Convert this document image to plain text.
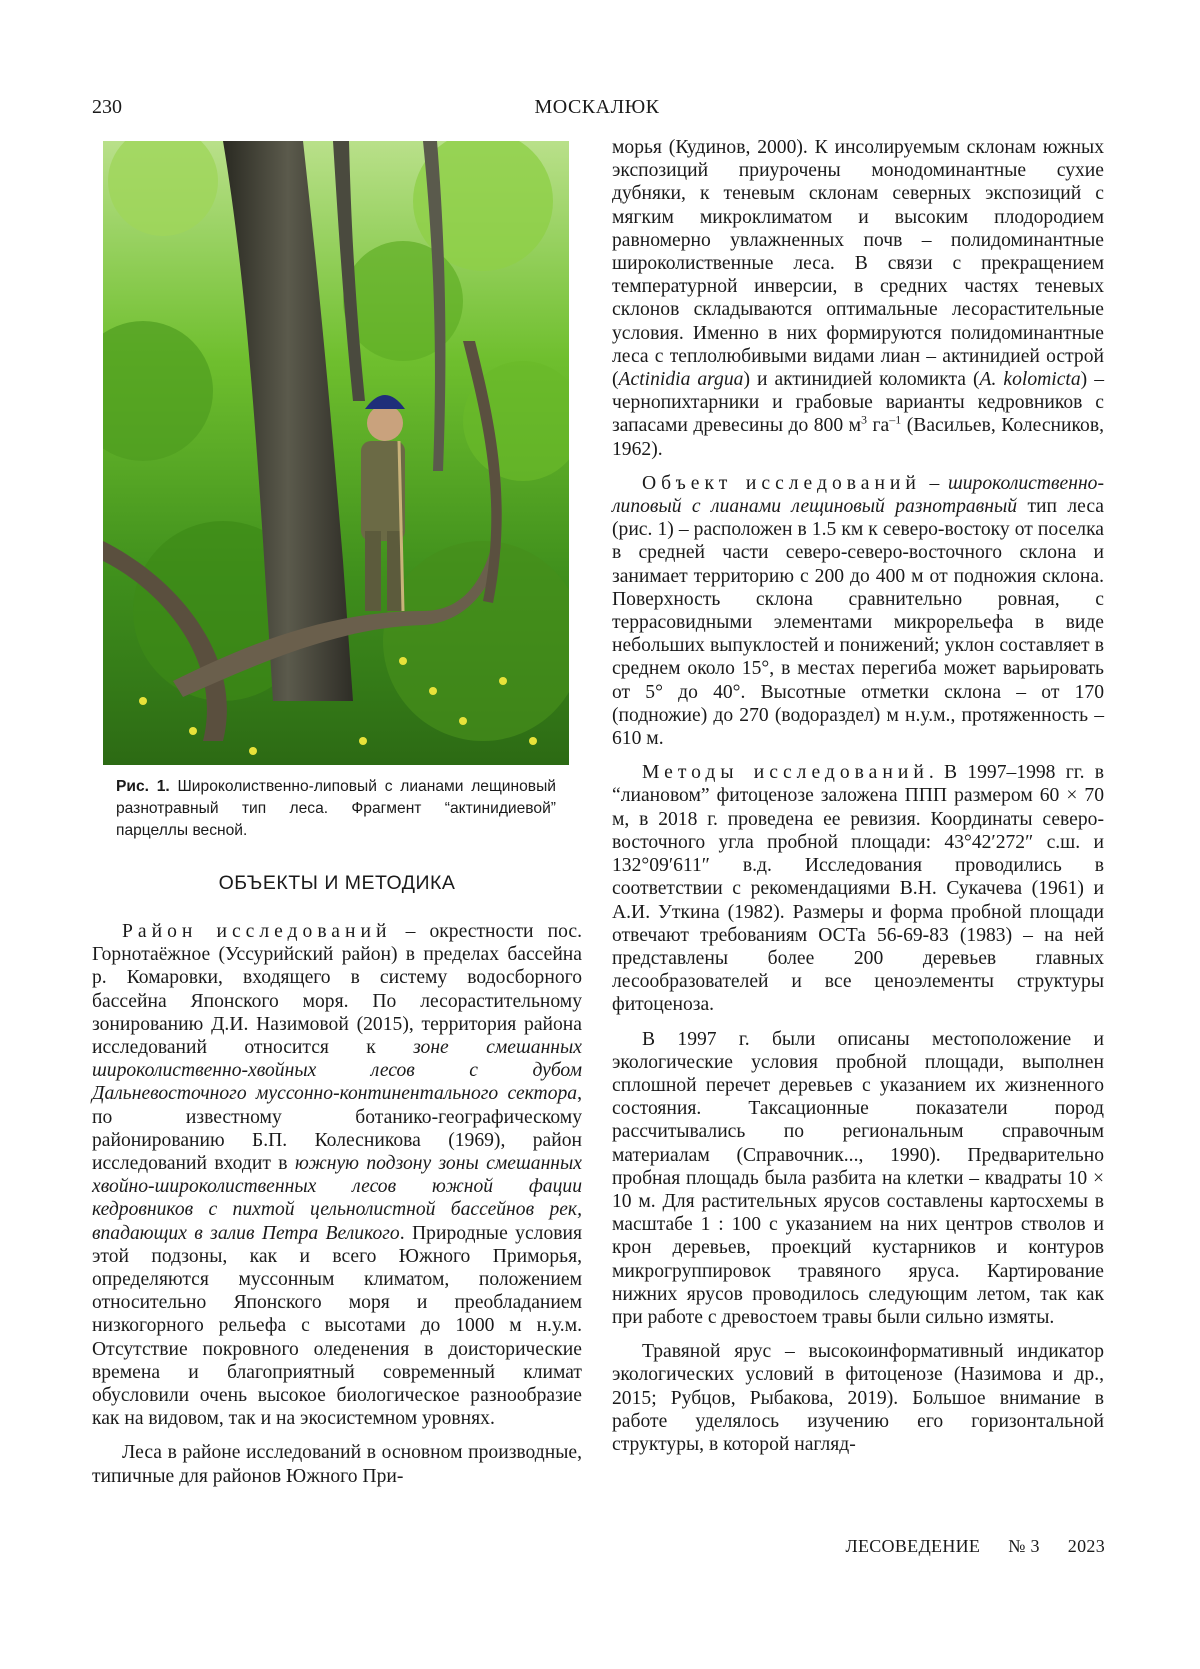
230	МОСКАЛЮК
Рис. 1. Широколиственно-липовый с лианами лещиновый разнотравный тип леса. Фрагмент “актинидиевой” парцеллы весной.
ОБЪЕКТЫ И МЕТОДИКА

Район исследований – окрестности пос. Горнотаёжное (Уссурийский район) в пределах бассейна р. Комаровки, входящего в систему водосборного бассейна Японского моря. По лесорастительному зонированию Д.И. Назимовой (2015), территория района исследований относится к зоне смешанных широколиственно-хвойных лесов с дубом Дальневосточного муссонно-континентального сектора, по известному ботанико-географическому районированию Б.П. Колесникова (1969), район исследований входит в южную подзону зоны смешанных хвойно-широколиственных лесов южной фации кедровников с пихтой цельнолистной бассейнов рек, впадающих в залив Петра Великого. Природные условия этой подзоны, как и всего Южного Приморья, определяются муссонным климатом, положением относительно Японского моря и преобладанием низкогорного рельефа с высотами до 1000 м н.у.м. Отсутствие покровного оледенения в доисторические времена и благоприятный современный климат обусловили очень высокое биологическое разнообразие как на видовом, так и на экосистемном уровнях.

Леса в районе исследований в основном производные, типичные для районов Южного При-

морья (Кудинов, 2000). К инсолируемым склонам южных экспозиций приурочены монодоминантные сухие дубняки, к теневым склонам северных экспозиций с мягким микроклиматом и высоким плодородием равномерно увлажненных почв – полидоминантные широколиственные леса. В связи с прекращением температурной инверсии, в средних частях теневых склонов складываются оптимальные лесорастительные условия. Именно в них формируются полидоминантные леса с теплолюбивыми видами лиан – актинидией острой (Actinidia argua) и актинидией коломикта (A. kolomicta) – чернопихтарники и грабовые варианты кедровников с запасами древесины до 800 м3 га–1 (Васильев, Колесников, 1962).

Объект исследований – широколиственно-липовый с лианами лещиновый разнотравный тип леса (рис. 1) – расположен в 1.5 км к северо-востоку от поселка в средней части северо-северо-восточного склона и занимает территорию с 200 до 400 м от подножия склона. Поверхность склона сравнительно ровная, с террасовидными элементами микрорельефа в виде небольших выпуклостей и понижений; уклон составляет в среднем около 15°, в местах перегиба может варьировать от 5° до 40°. Высотные отметки склона – от 170 (подножие) до 270 (водораздел) м н.у.м., протяженность – 610 м.

Методы исследований. В 1997–1998 гг. в “лиановом” фитоценозе заложена ППП размером 60 × 70 м, в 2018 г. проведена ее ревизия. Координаты северо-восточного угла пробной площади: 43°42′272″ с.ш. и 132°09′611″ в.д. Исследования проводились в соответствии с рекомендациями В.Н. Сукачева (1961) и А.И. Уткина (1982). Размеры и форма пробной площади отвечают требованиям ОСТа 56-69-83 (1983) – на ней представлены более 200 деревьев главных лесообразователей и все ценоэлементы структуры фитоценоза.

В 1997 г. были описаны местоположение и экологические условия пробной площади, выполнен сплошной перечет деревьев с указанием их жизненного состояния. Таксационные показатели пород рассчитывались по региональным справочным материалам (Справочник..., 1990). Предварительно пробная площадь была разбита на клетки – квадраты 10 × 10 м. Для растительных ярусов составлены картосхемы в масштабе 1 : 100 с указанием на них центров стволов и крон деревьев, проекций кустарников и контуров микрогруппировок травяного яруса. Картирование нижних ярусов проводилось следующим летом, так как при работе с древостоем травы были сильно измяты.

Травяной ярус – высокоинформативный индикатор экологических условий в фитоценозе (Назимова и др., 2015; Рубцов, Рыбакова, 2019). Большое внимание в работе уделялось изучению его горизонтальной структуры, в которой нагляд-

ЛЕСОВЕДЕНИЕ № 3 2023
